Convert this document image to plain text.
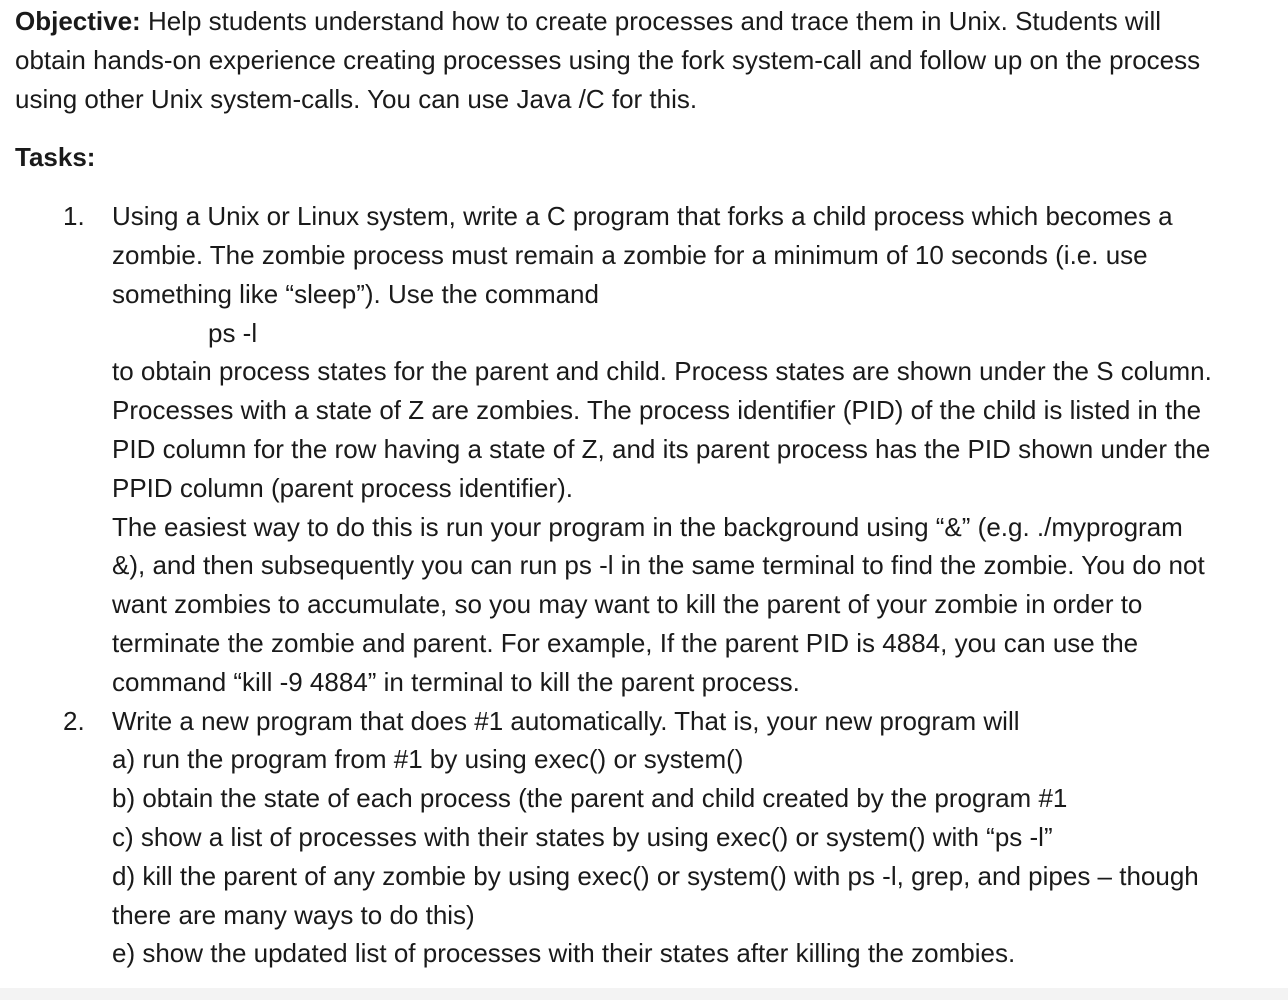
Objective: Help students understand how to create processes and trace them in Unix. Students will
obtain hands-on experience creating processes using the fork system-call and follow up on the process
using other Unix system-calls. You can use Java /C for this.

Tasks:

1. Using a Unix or Linux system, write a C program that forks a child process which becomes a
zombie. The zombie process must remain a zombie for a minimum of 10 seconds (i.e. use
something like “sleep”). Use the command
ps -l
to obtain process states for the parent and child. Process states are shown under the S column.
Processes with a state of Z are zombies. The process identifier (PID) of the child is listed in the
PID column for the row having a state of Z, and its parent process has the PID shown under the
PPID column (parent process identifier).
The easiest way to do this is run your program in the background using “&” (e.g. ./myprogram
&), and then subsequently you can run ps -l in the same terminal to find the zombie. You do not
want zombies to accumulate, so you may want to kill the parent of your zombie in order to
terminate the zombie and parent. For example, If the parent PID is 4884, you can use the
command “kill -9 4884” in terminal to kill the parent process.
2. Write a new program that does #1 automatically. That is, your new program will
a) run the program from #1 by using exec() or system()
b) obtain the state of each process (the parent and child created by the program #1
c) show a list of processes with their states by using exec() or system() with “ps -l”
d) kill the parent of any zombie by using exec() or system() with ps -l, grep, and pipes – though
there are many ways to do this)
e) show the updated list of processes with their states after killing the zombies.
